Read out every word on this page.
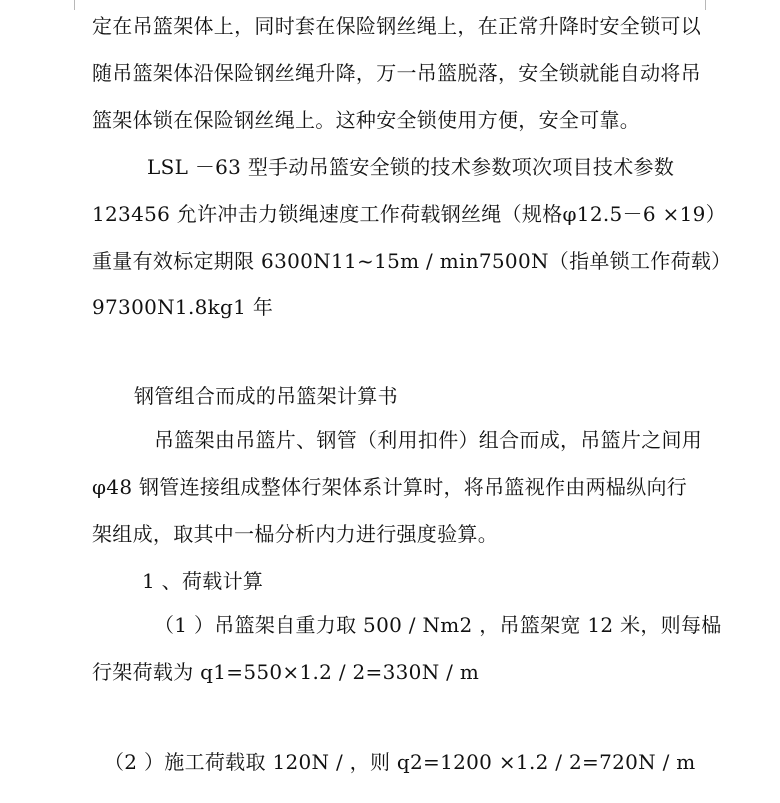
定在吊篮架体上，同时套在保险钢丝绳上，在正常升降时安全锁可以
随吊篮架体沿保险钢丝绳升降，万一吊篮脱落，安全锁就能自动将吊
篮架体锁在保险钢丝绳上。这种安全锁使用方便，安全可靠。
LSL －63 型手动吊篮安全锁的技术参数项次项目技术参数
123456 允许冲击力锁绳速度工作荷载钢丝绳（规格φ12.5－6 ×19）
重量有效标定期限 6300N11~15m / min7500N（指单锁工作荷载）
97300N1.8kg1 年
钢管组合而成的吊篮架计算书
吊篮架由吊篮片、钢管（利用扣件）组合而成，吊篮片之间用
φ48 钢管连接组成整体行架体系计算时，将吊篮视作由两榀纵向行
架组成，取其中一榀分析内力进行强度验算。
1 、荷载计算
（1 ）吊篮架自重力取 500 / Nm2 ，吊篮架宽 12 米，则每榀
行架荷载为 q1=550×1.2 / 2=330N / m
（2 ）施工荷载取 120N / ，则 q2=1200 ×1.2 / 2=720N / m
